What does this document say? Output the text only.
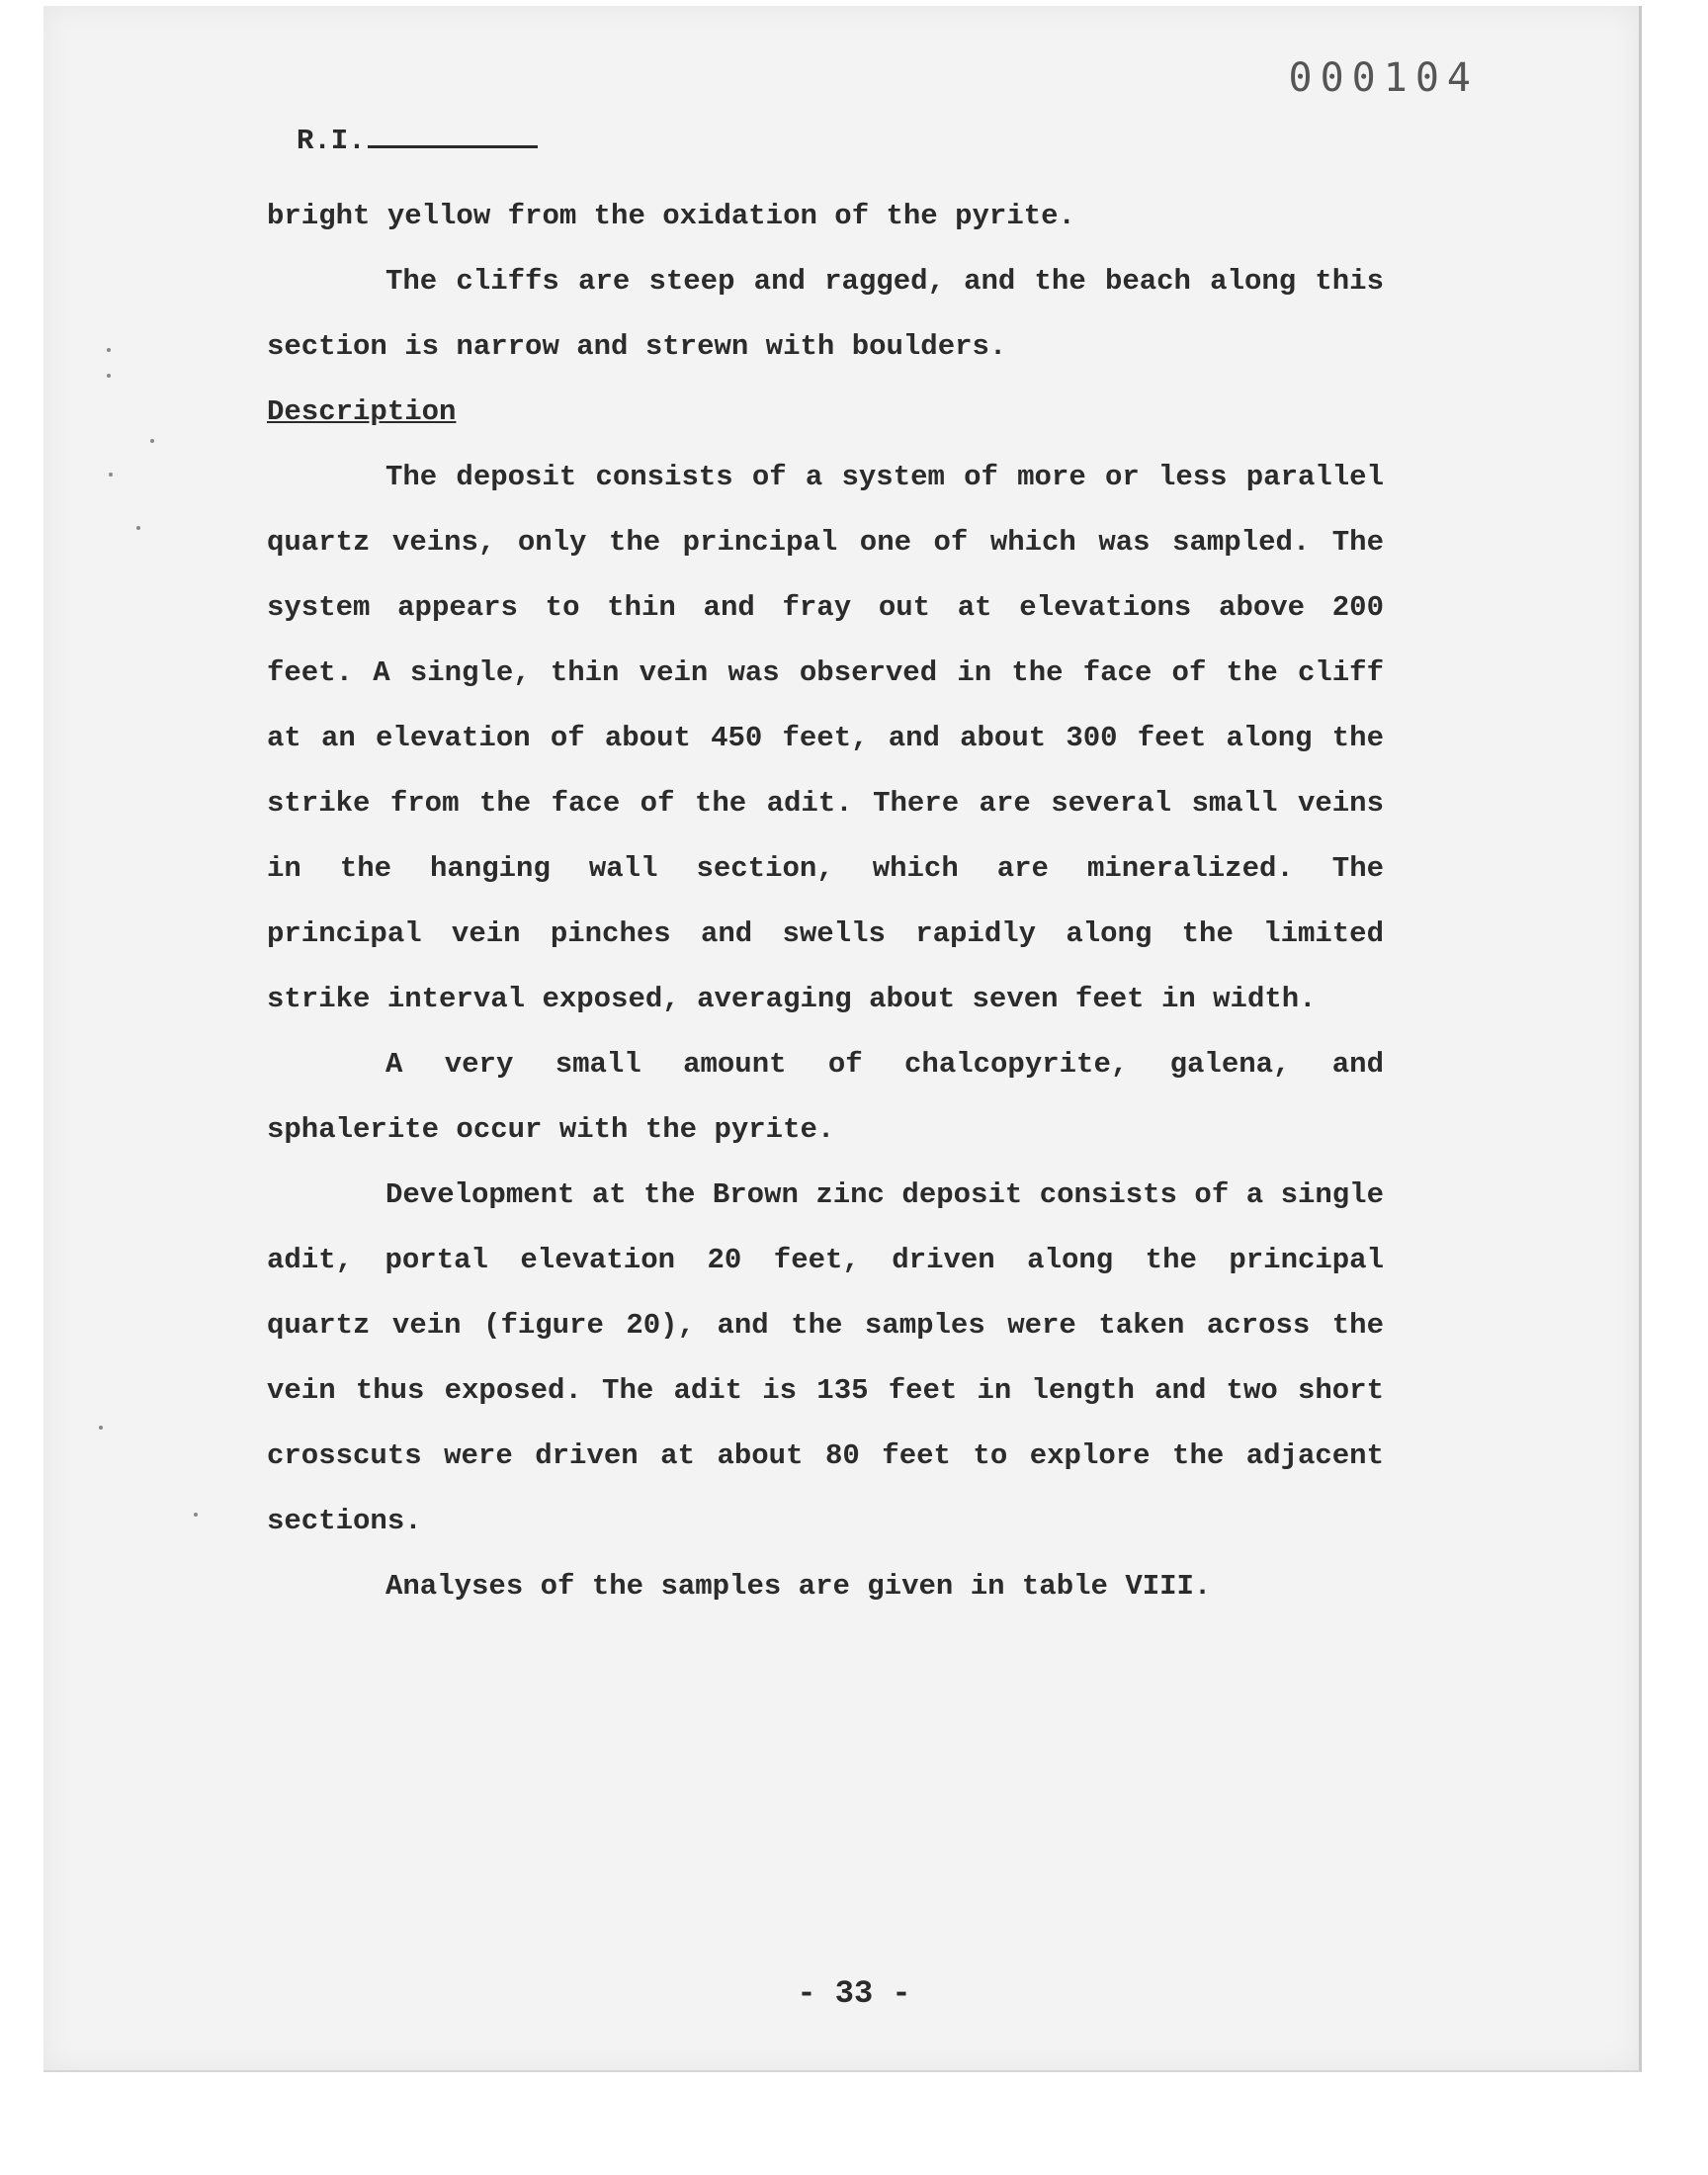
000104
R.I.

bright yellow from the oxidation of the pyrite.

The cliffs are steep and ragged, and the beach along this section is narrow and strewn with boulders.

Description

The deposit consists of a system of more or less parallel quartz veins, only the principal one of which was sampled. The system appears to thin and fray out at elevations above 200 feet. A single, thin vein was observed in the face of the cliff at an elevation of about 450 feet, and about 300 feet along the strike from the face of the adit. There are several small veins in the hanging wall section, which are mineralized. The principal vein pinches and swells rapidly along the limited strike interval exposed, averaging about seven feet in width.

A very small amount of chalcopyrite, galena, and sphalerite occur with the pyrite.

Development at the Brown zinc deposit consists of a single adit, portal elevation 20 feet, driven along the principal quartz vein (figure 20), and the samples were taken across the vein thus exposed. The adit is 135 feet in length and two short crosscuts were driven at about 80 feet to explore the adjacent sections.

Analyses of the samples are given in table VIII.

- 33 -
